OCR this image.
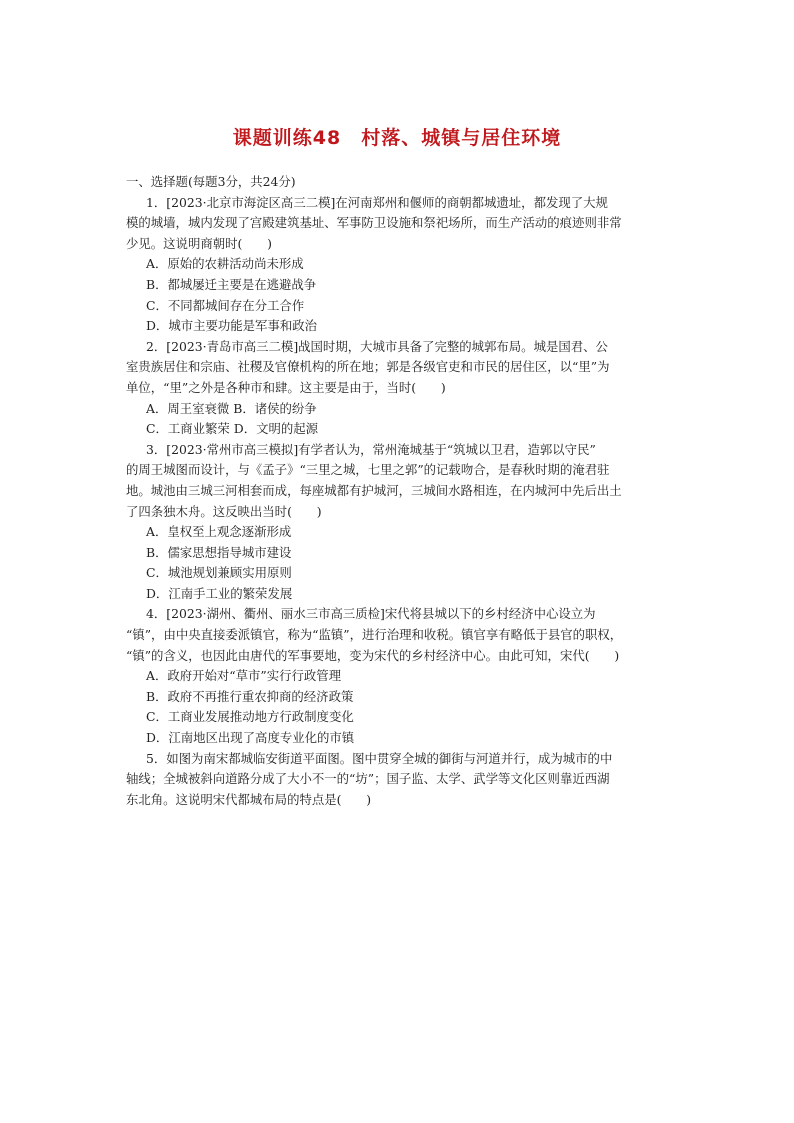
课题训练48　村落、城镇与居住环境
一、选择题(每题3分，共24分)
1．[2023·北京市海淀区高三二模]在河南郑州和偃师的商朝都城遗址，都发现了大规
模的城墙，城内发现了宫殿建筑基址、军事防卫设施和祭祀场所，而生产活动的痕迹则非常
少见。这说明商朝时(　　)
A．原始的农耕活动尚未形成
B．都城屡迁主要是在逃避战争
C．不同都城间存在分工合作
D．城市主要功能是军事和政治
2．[2023·青岛市高三二模]战国时期，大城市具备了完整的城郭布局。城是国君、公
室贵族居住和宗庙、社稷及官僚机构的所在地；郭是各级官吏和市民的居住区，以“里”为
单位，“里”之外是各种市和肆。这主要是由于，当时(　　)
A．周王室衰微 B．诸侯的纷争
C．工商业繁荣 D．文明的起源
3．[2023·常州市高三模拟]有学者认为，常州淹城基于“筑城以卫君，造郭以守民”
的周王城图而设计，与《孟子》“三里之城，七里之郭”的记载吻合，是春秋时期的淹君驻
地。城池由三城三河相套而成，每座城都有护城河，三城间水路相连，在内城河中先后出土
了四条独木舟。这反映出当时(　　)
A．皇权至上观念逐渐形成
B．儒家思想指导城市建设
C．城池规划兼顾实用原则
D．江南手工业的繁荣发展
4．[2023·湖州、衢州、丽水三市高三质检]宋代将县城以下的乡村经济中心设立为
“镇”，由中央直接委派镇官，称为“监镇”，进行治理和收税。镇官享有略低于县官的职权，
“镇”的含义，也因此由唐代的军事要地，变为宋代的乡村经济中心。由此可知，宋代(　　)
A．政府开始对“草市”实行行政管理
B．政府不再推行重农抑商的经济政策
C．工商业发展推动地方行政制度变化
D．江南地区出现了高度专业化的市镇
5．如图为南宋都城临安街道平面图。图中贯穿全城的御街与河道并行，成为城市的中
轴线；全城被斜向道路分成了大小不一的“坊”；国子监、太学、武学等文化区则靠近西湖
东北角。这说明宋代都城布局的特点是(　　)
